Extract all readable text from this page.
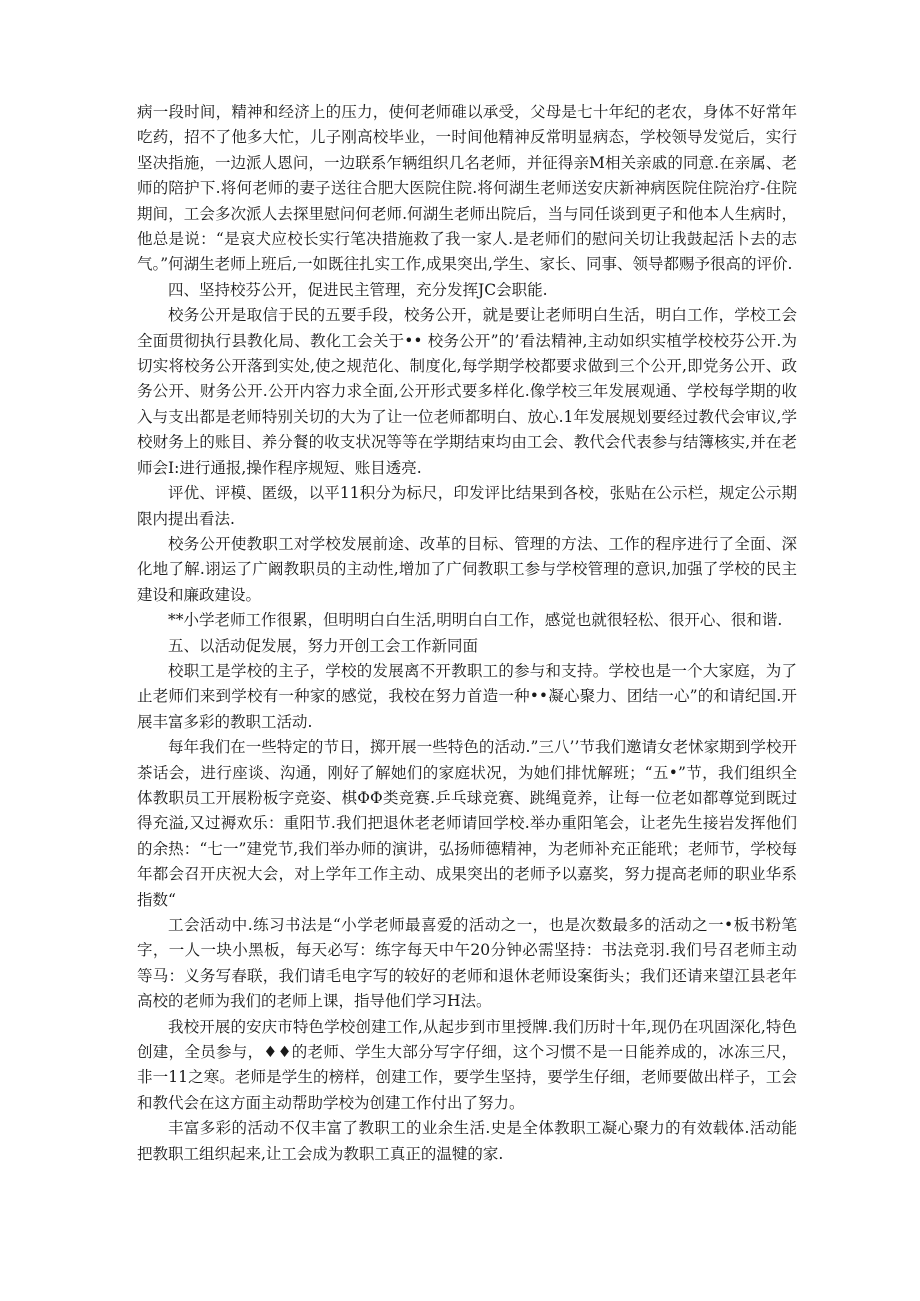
病一段时间，精神和经济上的压力，使何老师碓以承受，父母是七十年纪的老农，身体不好常年吃药，招不了他多大忙，儿子刚高校毕业，一时间他精神反常明显病态，学校领导发觉后，实行坚决指施，一边派人恩问，一边联系乍辆组织几名老师，并征得亲M相关亲戚的同意.在亲属、老师的陪护下.将何老师的妻子送往合肥大医院住院.将何湖生老师送安庆新神病医院住院治疗-住院期间，工会多次派人去探里慰问何老师.何湖生老师出院后，当与同任谈到更子和他本人生病时，他总是说：“是哀犬应校长实行笔决措施救了我一家人.是老师们的慰问关切让我鼓起活卜去的志气。”何湖生老师上班后,一如既往扎实工作,成果突出,学生、家长、同事、领导都赐予很高的评价.

四、坚持校芬公开，促进民主管理，充分发挥JC会职能.

校务公开是取信于民的五要手段，校务公开，就是要让老师明白生活，明白工作，学校工会全面贯彻执行县教化局、教化工会关于•• 校务公开”的’看法精神,主动如织实植学校校芬公开.为切实将校务公开落到实处,使之规范化、制度化,每学期学校都要求做到三个公开,即党务公开、政务公开、财务公开.公开内容力求全面,公开形式要多样化.像学校三年发展观通、学校每学期的收入与支出都是老师特别关切的大为了让一位老师都明白、放心.1年发展规划要经过教代会审议,学校财务上的账目、养分餐的收支状况等等在学期结束均由工会、教代会代表参与结簿核实,并在老师会I:进行通报,操作程序规短、账目透亮.

评优、评模、匿级，以平11积分为标尺，印发评比结果到各校，张贴在公示栏，规定公示期限内提出看法.

校务公开使教职工对学校发展前途、改革的目标、管理的方法、工作的程序进行了全面、深化地了解.诩运了广阚教职员的主动性,增加了广伺教职工参与学校管理的意识,加强了学校的民主建设和廉政建设。

**小学老师工作很累，但明明白白生活,明明白白工作，感觉也就很轻松、很开心、很和谐.

五、以活动促发展，努力开创工会工作新同面

校职工是学校的主子，学校的发展离不开教职工的参与和支持。学校也是一个大家庭，为了止老师们来到学校有一种家的感觉，我校在努力首造一种••凝心聚力、团结一心”的和请纪国.开展丰富多彩的教职工活动.

每年我们在一些特定的节日，掷开展一些特色的活动.”三八’’节我们邀请女老怵家期到学校开茶话会，进行座谈、沟通，刚好了解她们的家庭状况，为她们排忧解班；“五•”节，我们组织全体教职员工开展粉板字竞姿、棋ΦΦ类竞赛.乒乓球竞赛、跳绳竟养，让每一位老如都尊觉到既过得充溢,又过褥欢乐：重阳节.我们把退休老老师请回学校.举办重阳笔会，让老先生接岩发挥他们的余热：“七一”建党节,我们举办师的演讲，弘扬师德精神，为老师补充正能玳；老师节，学校每年都会召开庆祝大会，对上学年工作主动、成果突出的老师予以嘉奖，努力提高老师的职业华系指数“

工会活动中.练习书法是“小学老师最喜爱的活动之一，也是次数最多的活动之一•板书粉笔字，一人一块小黑板，每天必写：练字每天中午20分钟必需坚持：书法竞羽.我们号召老师主动等马：义务写春联，我们请毛电字写的较好的老师和退休老师设案街头；我们还请来望江县老年高校的老师为我们的老师上课，指导他们学习H法。

我校开展的安庆市特色学校创建工作,从起步到市里授牌.我们历时十年,现仍在巩固深化,特色创建，全员参与，♦♦的老师、学生大部分写字仔细，这个习惯不是一日能养成的，冰冻三尺，非一11之寒。老师是学生的榜样，创建工作，要学生坚持，要学生仔细，老师要做出样子，工会和教代会在这方面主动帮助学校为创建工作付出了努力。

丰富多彩的活动不仅丰富了教职工的业余生活.史是全体教职工凝心聚力的有效载体.活动能把教职工组织起来,让工会成为教职工真正的温犍的家.
